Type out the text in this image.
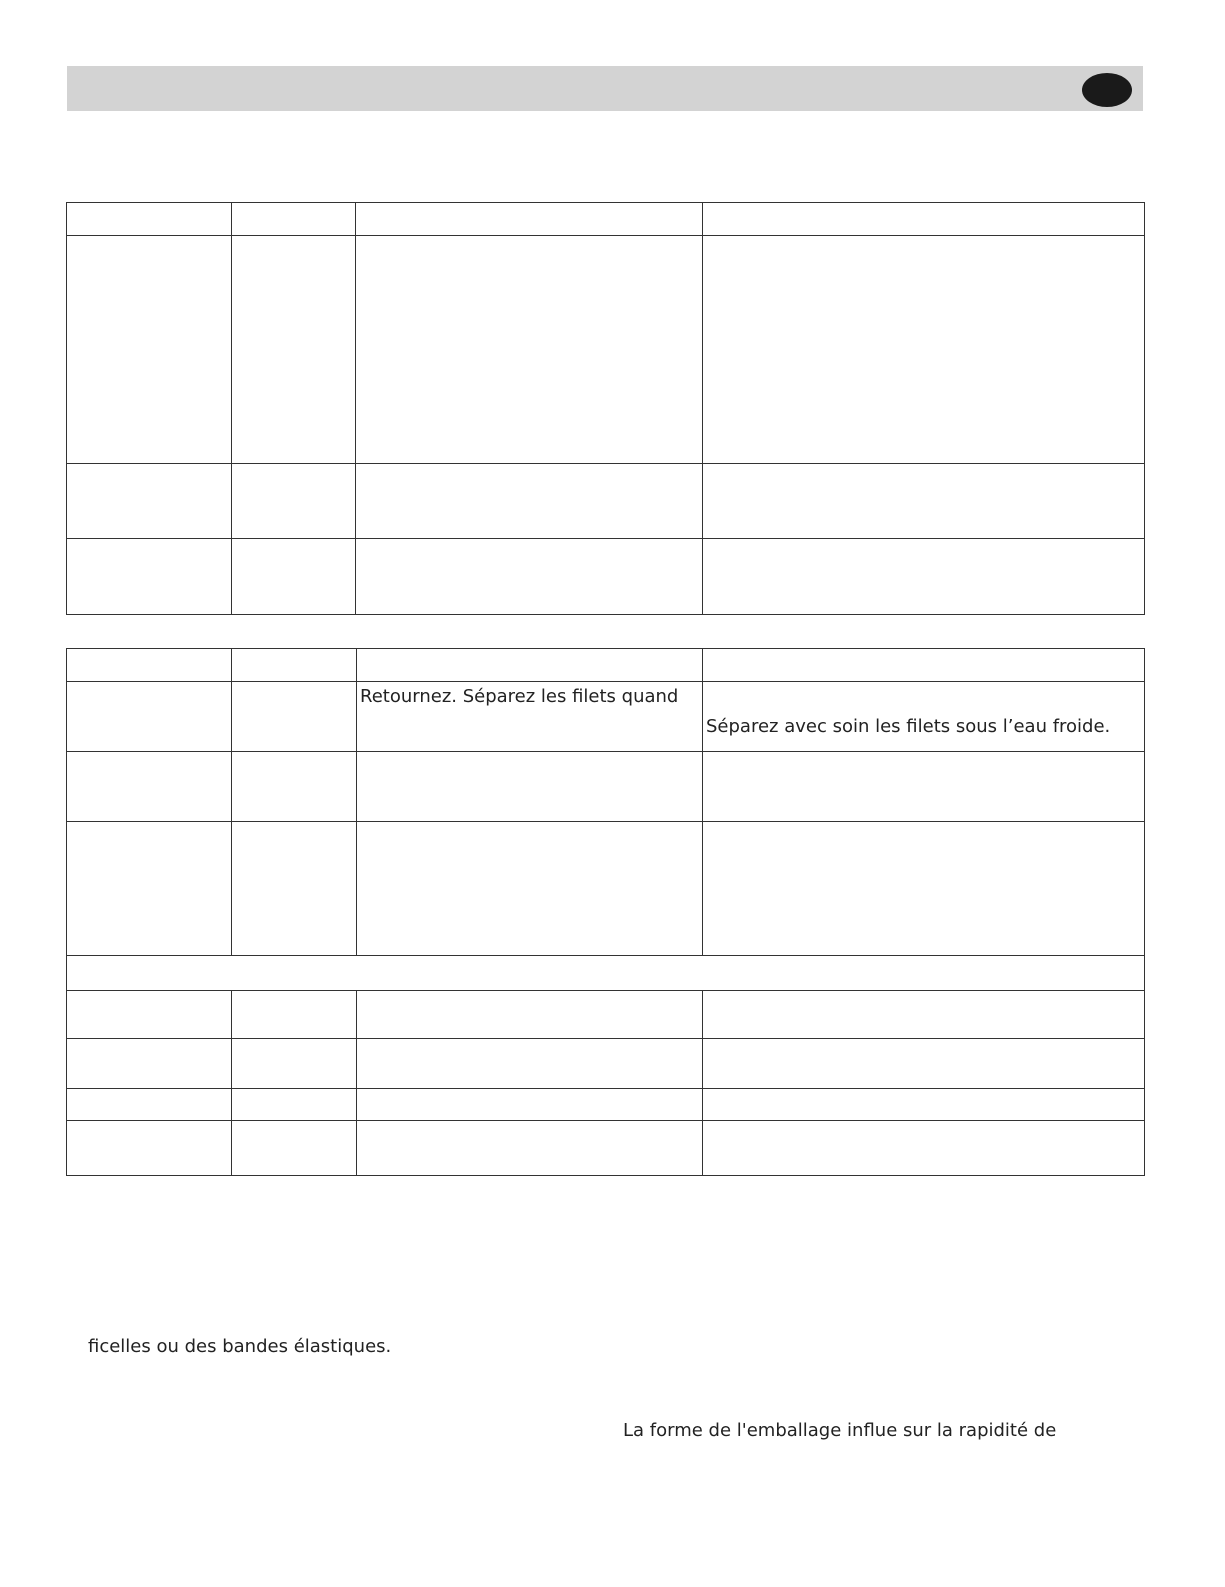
		Retournez. Séparez les filets quand	Séparez avec soin les filets sous l’eau froide.

ficelles ou des bandes élastiques.
La forme de l'emballage influe sur la rapidité de
